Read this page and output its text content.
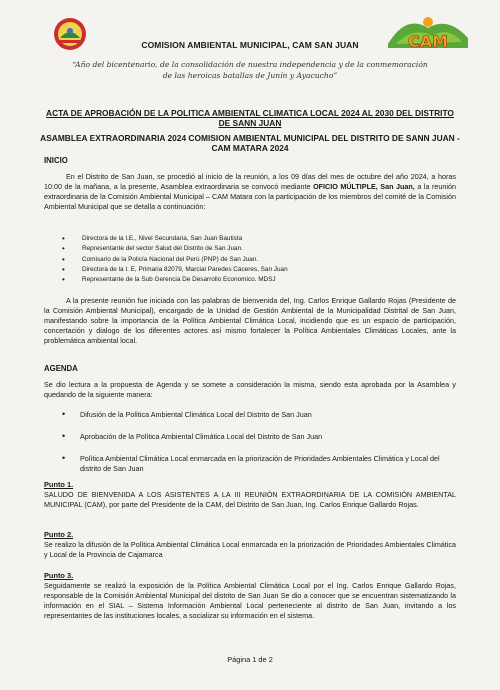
CAM
COMISION AMBIENTAL MUNICIPAL, CAM SAN JUAN
“Año del bicentenario, de la consolidación de nuestra independencia y de la conmemoración
de las heroicas batallas de Junín y Ayacucho”
ACTA DE APROBACIÓN DE LA POLITICA AMBIENTAL CLIMATICA LOCAL 2024 AL 2030 DEL DISTRITO DE SANN JUAN
ASAMBLEA EXTRAORDINARIA 2024 COMISION AMBIENTAL MUNICIPAL DEL DISTRITO DE SANN JUAN - CAM MATARA 2024
INICIO
En el Distrito de San Juan, se procedió al inicio de la reunión, a los 09 días del mes de octubre del año 2024, a horas 10:00 de la mañana, a la presente, Asamblea extraordinaria se convocó mediante OFICIO MÚLTIPLE, San Juan, a la reunión extraordinaria de la Comisión Ambiental Municipal – CAM Matara con la participación de los miembros del comité de la Comisión Ambiental Municipal que se detalla a continuación:
• Directora de la I.E., Nivel Secundaria, San Juan Bautista
• Representante del sector Salud del Distrito de San Juan.
• Comisario de la Policía Nacional del Perú (PNP) de San Juan.
• Directora de la I. E, Primaria 82079, Marcial Paredes Cáceres, San Juan
• Representante de la Sub Gerencia De Desarrollo Economico. MDSJ
A la presente reunión fue iniciada con las palabras de bienvenida del, Ing. Carlos Enrique Gallardo Rojas (Presidente de la Comisión Ambiental Municipal), encargado de la Unidad de Gestión Ambiental de la Municipalidad Distrital de San Juan, manifestando sobre la importancia de la Política Ambiental Climática Local, incidiendo que es un espacio de participación, concertación y dialogo de los diferentes actores así mismo fortalecer la Política Ambientales Climáticas Locales, ante la problemática ambiental local.
AGENDA
Se dio lectura a la propuesta de Agenda y se somete a consideración la misma, siendo esta aprobada por la Asamblea y quedando de la siguiente manera:
• Difusión de la Política Ambiental Climática Local del Distrito de San Juan
• Aprobación de la Política Ambiental Climática Local del Distrito de San Juan
• Política Ambiental Climática Local enmarcada en la priorización de Prioridades Ambientales Climática y Local del distrito de San Juan
Punto 1.
SALUDO DE BIENVENIDA A LOS ASISTENTES A LA III REUNIÓN EXTRAORDINARIA DE LA COMISIÓN AMBIENTAL MUNICIPAL (CAM), por parte del Presidente de la CAM, del Distrito de San Juan, Ing. Carlos Enrique Gallardo Rojas.
Punto 2.
Se realizo la difusión de la Política Ambiental Climática Local enmarcada en la priorización de Prioridades Ambientales Climática y Local de la Provincia de Cajamarca
Punto 3.
Seguidamente se realizó la exposición de la Política Ambiental Climática Local por el Ing. Carlos Enrique Gallardo Rojas, responsable de la Comisión Ambiental Municipal del distrito de San Juan Se dio a conocer que se encuentran sistematizando la información en el SIAL – Sistema Información Ambiental Local perteneciente al distrito de San Juan, invitando a los representantes de las instituciones locales, a socializar su información en el sistema.
Página 1 de 2
